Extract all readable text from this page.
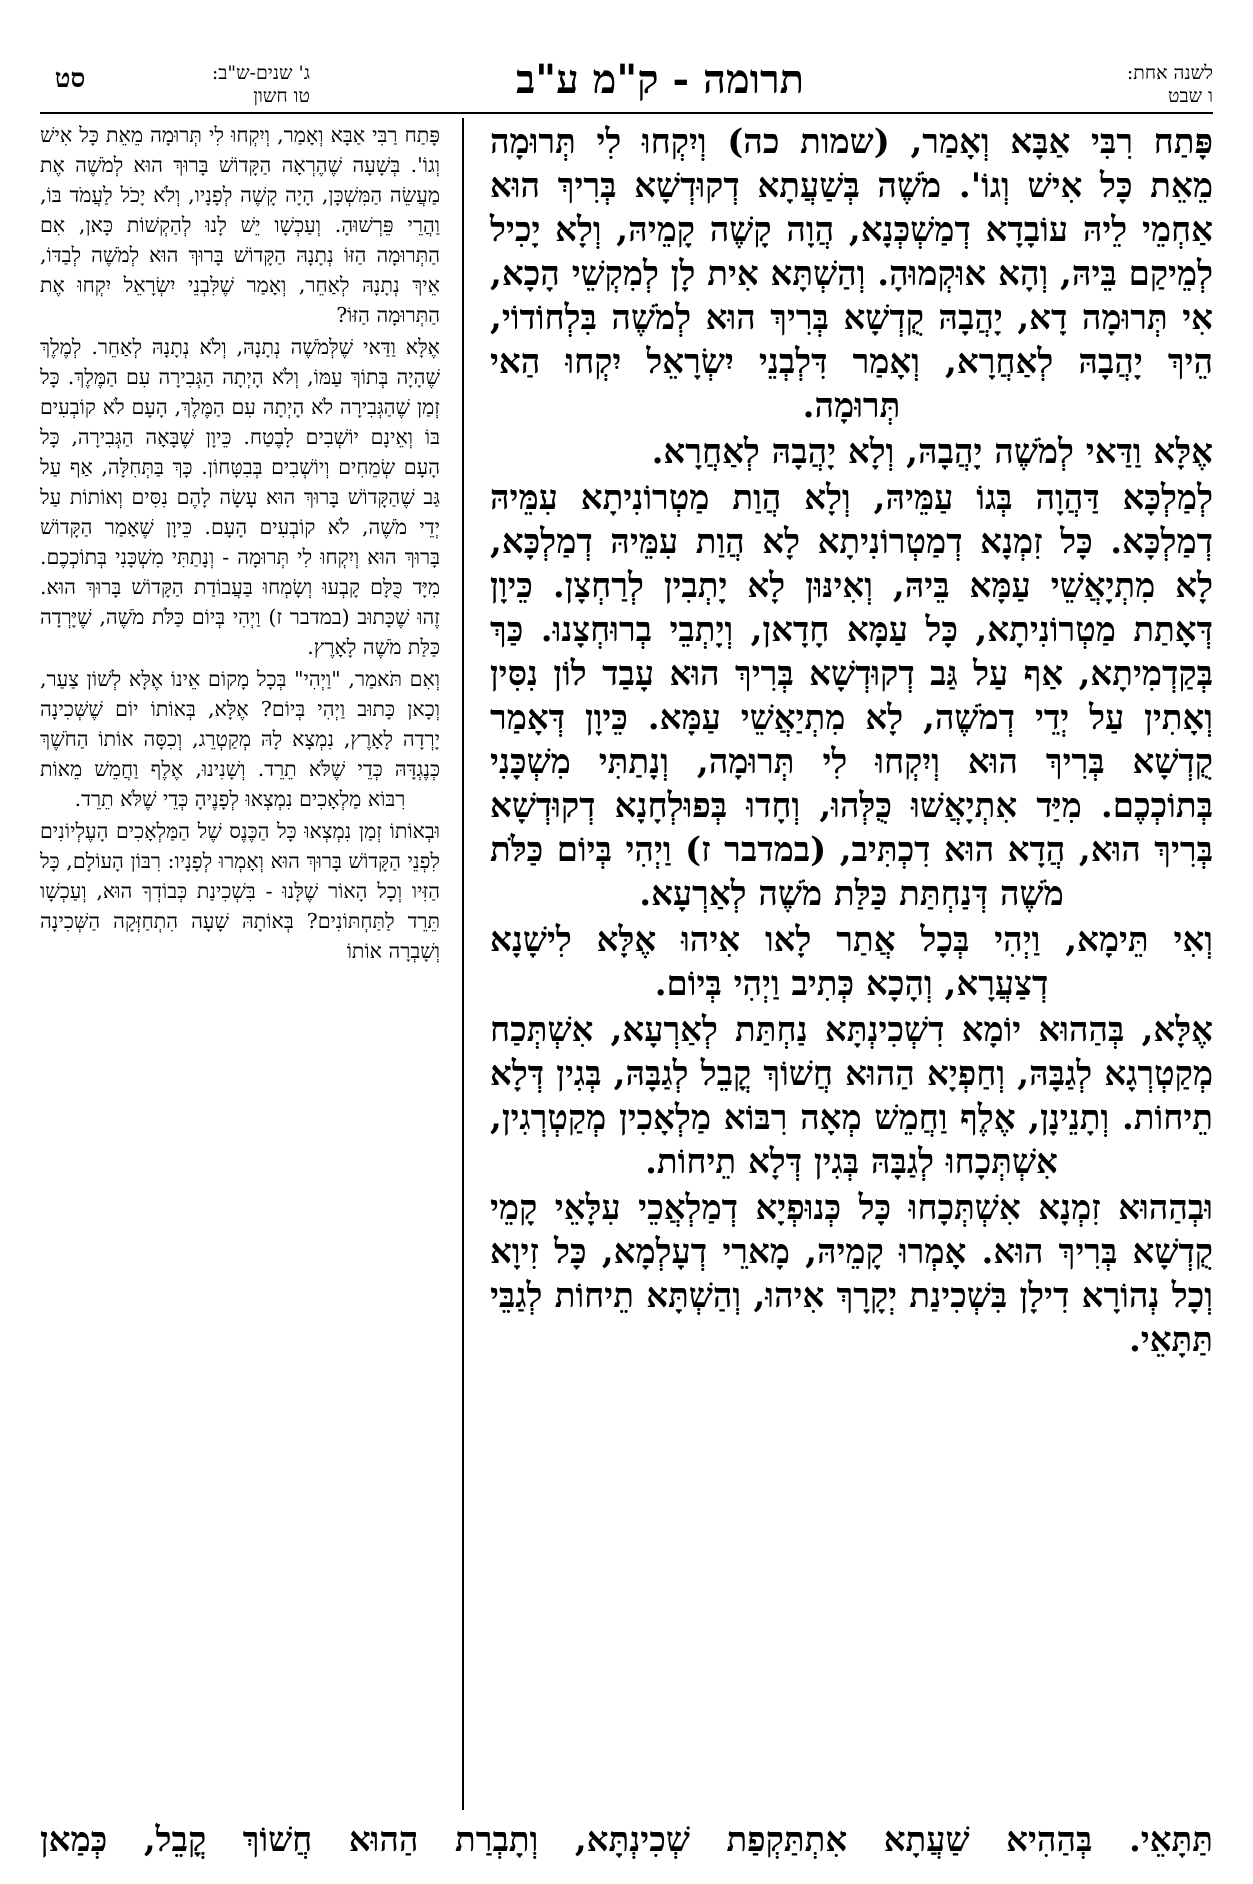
לשנה אחת:
ו שבט
תרומה - ק"מ ע"ב
ג' שנים-ש"ב:
טו חשון
סט

פָּתַח רִבִּי אַבָּא וְאָמַר, (שמות כה) וְיִקְחוּ לִי תְּרוּמָה מֵאֵת כָּל אִישׁ וְגוֹ'. מֹשֶׁה בְּשַׁעֲתָא דְקוּדְשָׁא בְּרִיךְ הוּא אַחְמֵי לֵיהּ עוֹבָדָא דְמַשְׁכְּנָא, הֲוָה קָשֶׁה קָמֵיהּ, וְלָא יָכִיל לְמֵיקַם בֵּיהּ, וְהָא אוּקְמוּהָ. וְהַשְׁתָּא אִית לָן לְמִקְשֵׁי הָכָא, אִי תְּרוּמָה דָא, יָהֲבָהּ קֻדְשָׁא בְּרִיךְ הוּא לְמֹשֶׁה בִּלְחוֹדוֹי, הֵיךְ יָהֲבָהּ לְאַחֲרָא, וְאָמַר דִּלְבְנֵי יִשְׂרָאֵל יִקְחוּ הַאי תְּרוּמָה.

אֶלָּא וַדַּאי לְמֹשֶׁה יָהֲבָהּ, וְלָא יָהֲבָהּ לְאַחֲרָא.

לְמַלְכָּא דַּהֲוָה בְּגוֹ עַמֵּיהּ, וְלָא הֲוַת מַטְרוֹנִיתָא עִמֵּיהּ דְמַלְכָּא. כָּל זִמְנָא דְמַטְרוֹנִיתָא לָא הֲוַת עִמֵּיהּ דְמַלְכָּא, לָא מִתְיָאֲשֵׁי עַמָּא בֵּיהּ, וְאִינּוּן לָא יָתְבִין לְרַחְצָן. כֵּיוָן דְּאָתַת מַטְרוֹנִיתָא, כָּל עַמָּא חָדָאן, וְיָתְבֵי בְרוּחְצָנוּ. כַּךְ בְּקַדְמִיתָא, אַף עַל גַּב דְקוּדְשָׁא בְּרִיךְ הוּא עָבַד לוֹן נִסִּין וְאָתִין עַל יְדֵי דְמֹשֶׁה, לָא מִתְיַאֲשֵׁי עַמָּא. כֵּיוָן דְּאָמַר קֻדְשָׁא בְּרִיךְ הוּא וְיִקְחוּ לִי תְּרוּמָה, וְנָתַתִּי מִשְׁכָּנִי בְּתוֹכְכֶם. מִיַּד אִתְיָאֲשׁוּ כֻּלְּהוּ, וְחָדוּ בְּפוּלְחָנָא דְקוּדְשָׁא בְּרִיךְ הוּא, הֲדָא הוּא דִכְתִּיב, (במדבר ז) וַיְהִי בְּיוֹם כַּלֹּת מֹשֶׁה דְּנַחְתַּת כַּלַּת מֹשֶׁה לְאַרְעָא.

וְאִי תֵּימָא, וַיְהִי בְּכָל אֲתַר לָאו אִיהוּ אֶלָּא לִישָׁנָא דְצַעֲרָא, וְהָכָא כְּתִיב וַיְהִי בְּיוֹם.

אֶלָּא, בְּהַהוּא יוֹמָא דִשְׁכִינְתָּא נַחְתַּת לְאַרְעָא, אִשְׁתְּכַח מְקַטְרְגָא לְגַבָּהּ, וְחַפְיָא הַהוּא חֲשׁוֹךְ קֳבֵל לְגַבָּהּ, בְּגִין דְּלָא תֵיחוֹת. וְתָנֵינָן, אֶלֶף וַחֲמֵשׁ מְאָה רִבּוֹא מַלְאָכִין מְקַטְרְגִין, אִשְׁתְּכָחוּ לְגַבָּהּ בְּגִין דְּלָא תֵיחוֹת.

וּבְהַהוּא זִמְנָא אִשְׁתְּכָחוּ כָּל כְּנוּפְיָא דְמַלְאֲכֵי עִלָּאֵי קָמֵי קֻדְשָׁא בְּרִיךְ הוּא. אָמְרוּ קָמֵיהּ, מָארֵי דְעָלְמָא, כָּל זִיוָא וְכָל נְהוֹרָא דִילָן בִּשְׁכִינַת יְקָרָךְ אִיהוּ, וְהַשְׁתָּא תֵיחוֹת לְגַבֵּי תַּתָּאֵי.

פָּתַח רַבִּי אַבָּא וְאָמַר, וְיִקְחוּ לִי תְּרוּמָה מֵאֵת כָּל אִישׁ וְגוֹ'. בְּשָׁעָה שֶׁהֶרְאָה הַקָּדוֹשׁ בָּרוּךְ הוּא לְמֹשֶׁה אֶת מַעֲשֵׂה הַמִּשְׁכָּן, הָיָה קָשֶׁה לְפָנָיו, וְלֹא יָכֹל לַעֲמֹד בּוֹ, וַהֲרֵי פֵּרְשׁוּהָ. וְעַכְשָׁו יֵשׁ לָנוּ לְהַקְשׁוֹת כָּאן, אִם הַתְּרוּמָה הַזּוֹ נְתָנָהּ הַקָּדוֹשׁ בָּרוּךְ הוּא לְמֹשֶׁה לְבַדּוֹ, אֵיךְ נְתָנָהּ לְאַחֵר, וְאָמַר שֶׁלִּבְנֵי יִשְׂרָאֵל יִקְחוּ אֶת הַתְּרוּמָה הַזּוֹ?

אֶלָּא וַדַּאי שֶׁלְּמֹשֶׁה נְתָנָהּ, וְלֹא נְתָנָהּ לְאַחֵר. לְמֶלֶךְ שֶׁהָיָה בְּתוֹךְ עַמּוֹ, וְלֹא הָיְתָה הַגְּבִירָה עִם הַמֶּלֶךְ. כָּל זְמַן שֶׁהַגְּבִירָה לֹא הָיְתָה עִם הַמֶּלֶךְ, הָעָם לֹא קוֹבְעִים בּוֹ וְאֵינָם יוֹשְׁבִים לָבֶטַח. כֵּיוָן שֶׁבָּאָה הַגְּבִירָה, כָּל הָעָם שְׂמֵחִים וְיוֹשְׁבִים בְּבִטָּחוֹן. כָּךְ בַּתְּחִלָּה, אַף עַל גַּב שֶׁהַקָּדוֹשׁ בָּרוּךְ הוּא עָשָׂה לָהֶם נִסִּים וְאוֹתוֹת עַל יְדֵי מֹשֶׁה, לֹא קוֹבְעִים הָעָם. כֵּיוָן שֶׁאָמַר הַקָּדוֹשׁ בָּרוּךְ הוּא וְיִקְחוּ לִי תְּרוּמָה - וְנָתַתִּי מִשְׁכָּנִי בְּתוֹכְכֶם. מִיָּד כֻּלָּם קָבְעוּ וְשָׂמְחוּ בַּעֲבוֹדַת הַקָּדוֹשׁ בָּרוּךְ הוּא. זֶהוּ שֶׁכָּתוּב (במדבר ז) וַיְהִי בְּיוֹם כַּלֹּת מֹשֶׁה, שֶׁיָּרְדָה כַּלַּת מֹשֶׁה לָאָרֶץ.

וְאִם תֹּאמַר, "וַיְהִי" בְּכָל מָקוֹם אֵינוֹ אֶלָּא לְשׁוֹן צַעַר, וְכָאן כָּתוּב וַיְהִי בְּיוֹם? אֶלָּא, בְּאוֹתוֹ יוֹם שֶׁשְּׁכִינָה יָרְדָה לָאָרֶץ, נִמְצָא לָהּ מְקַטְרֵג, וְכִסָּה אוֹתוֹ הַחֹשֶׁךְ כְּנֶגְדָּהּ כְּדֵי שֶׁלֹּא תֵרֵד. וְשָׁנִינוּ, אֶלֶף וַחֲמֵשׁ מֵאוֹת רִבּוֹא מַלְאָכִים נִמְצְאוּ לְפָנֶיהָ כְּדֵי שֶׁלֹּא תֵרֵד.

וּבְאוֹתוֹ זְמַן נִמְצְאוּ כָּל הַכֶּנֶס שֶׁל הַמַּלְאָכִים הָעֶלְיוֹנִים לִפְנֵי הַקָּדוֹשׁ בָּרוּךְ הוּא וְאָמְרוּ לְפָנָיו: רִבּוֹן הָעוֹלָם, כָּל הַזִּיו וְכָל הָאוֹר שֶׁלָּנוּ - בִּשְׁכִינַת כְּבוֹדְךָ הוּא, וְעַכְשָׁו תֵּרֵד לַתַּחְתּוֹנִים? בְּאוֹתָהּ שָׁעָה הִתְחַזְּקָה הַשְּׁכִינָה וְשָׁבְרָה אוֹתוֹ

תַּתָּאֵי. בְּהַהִיא שַׁעֲתָא אִתְתַּקְפַת שְׁכִינְתָּא, וְתָבְרַת הַהוּא חֲשׁוֹךְ קֳבֵל, כְּמַאן
